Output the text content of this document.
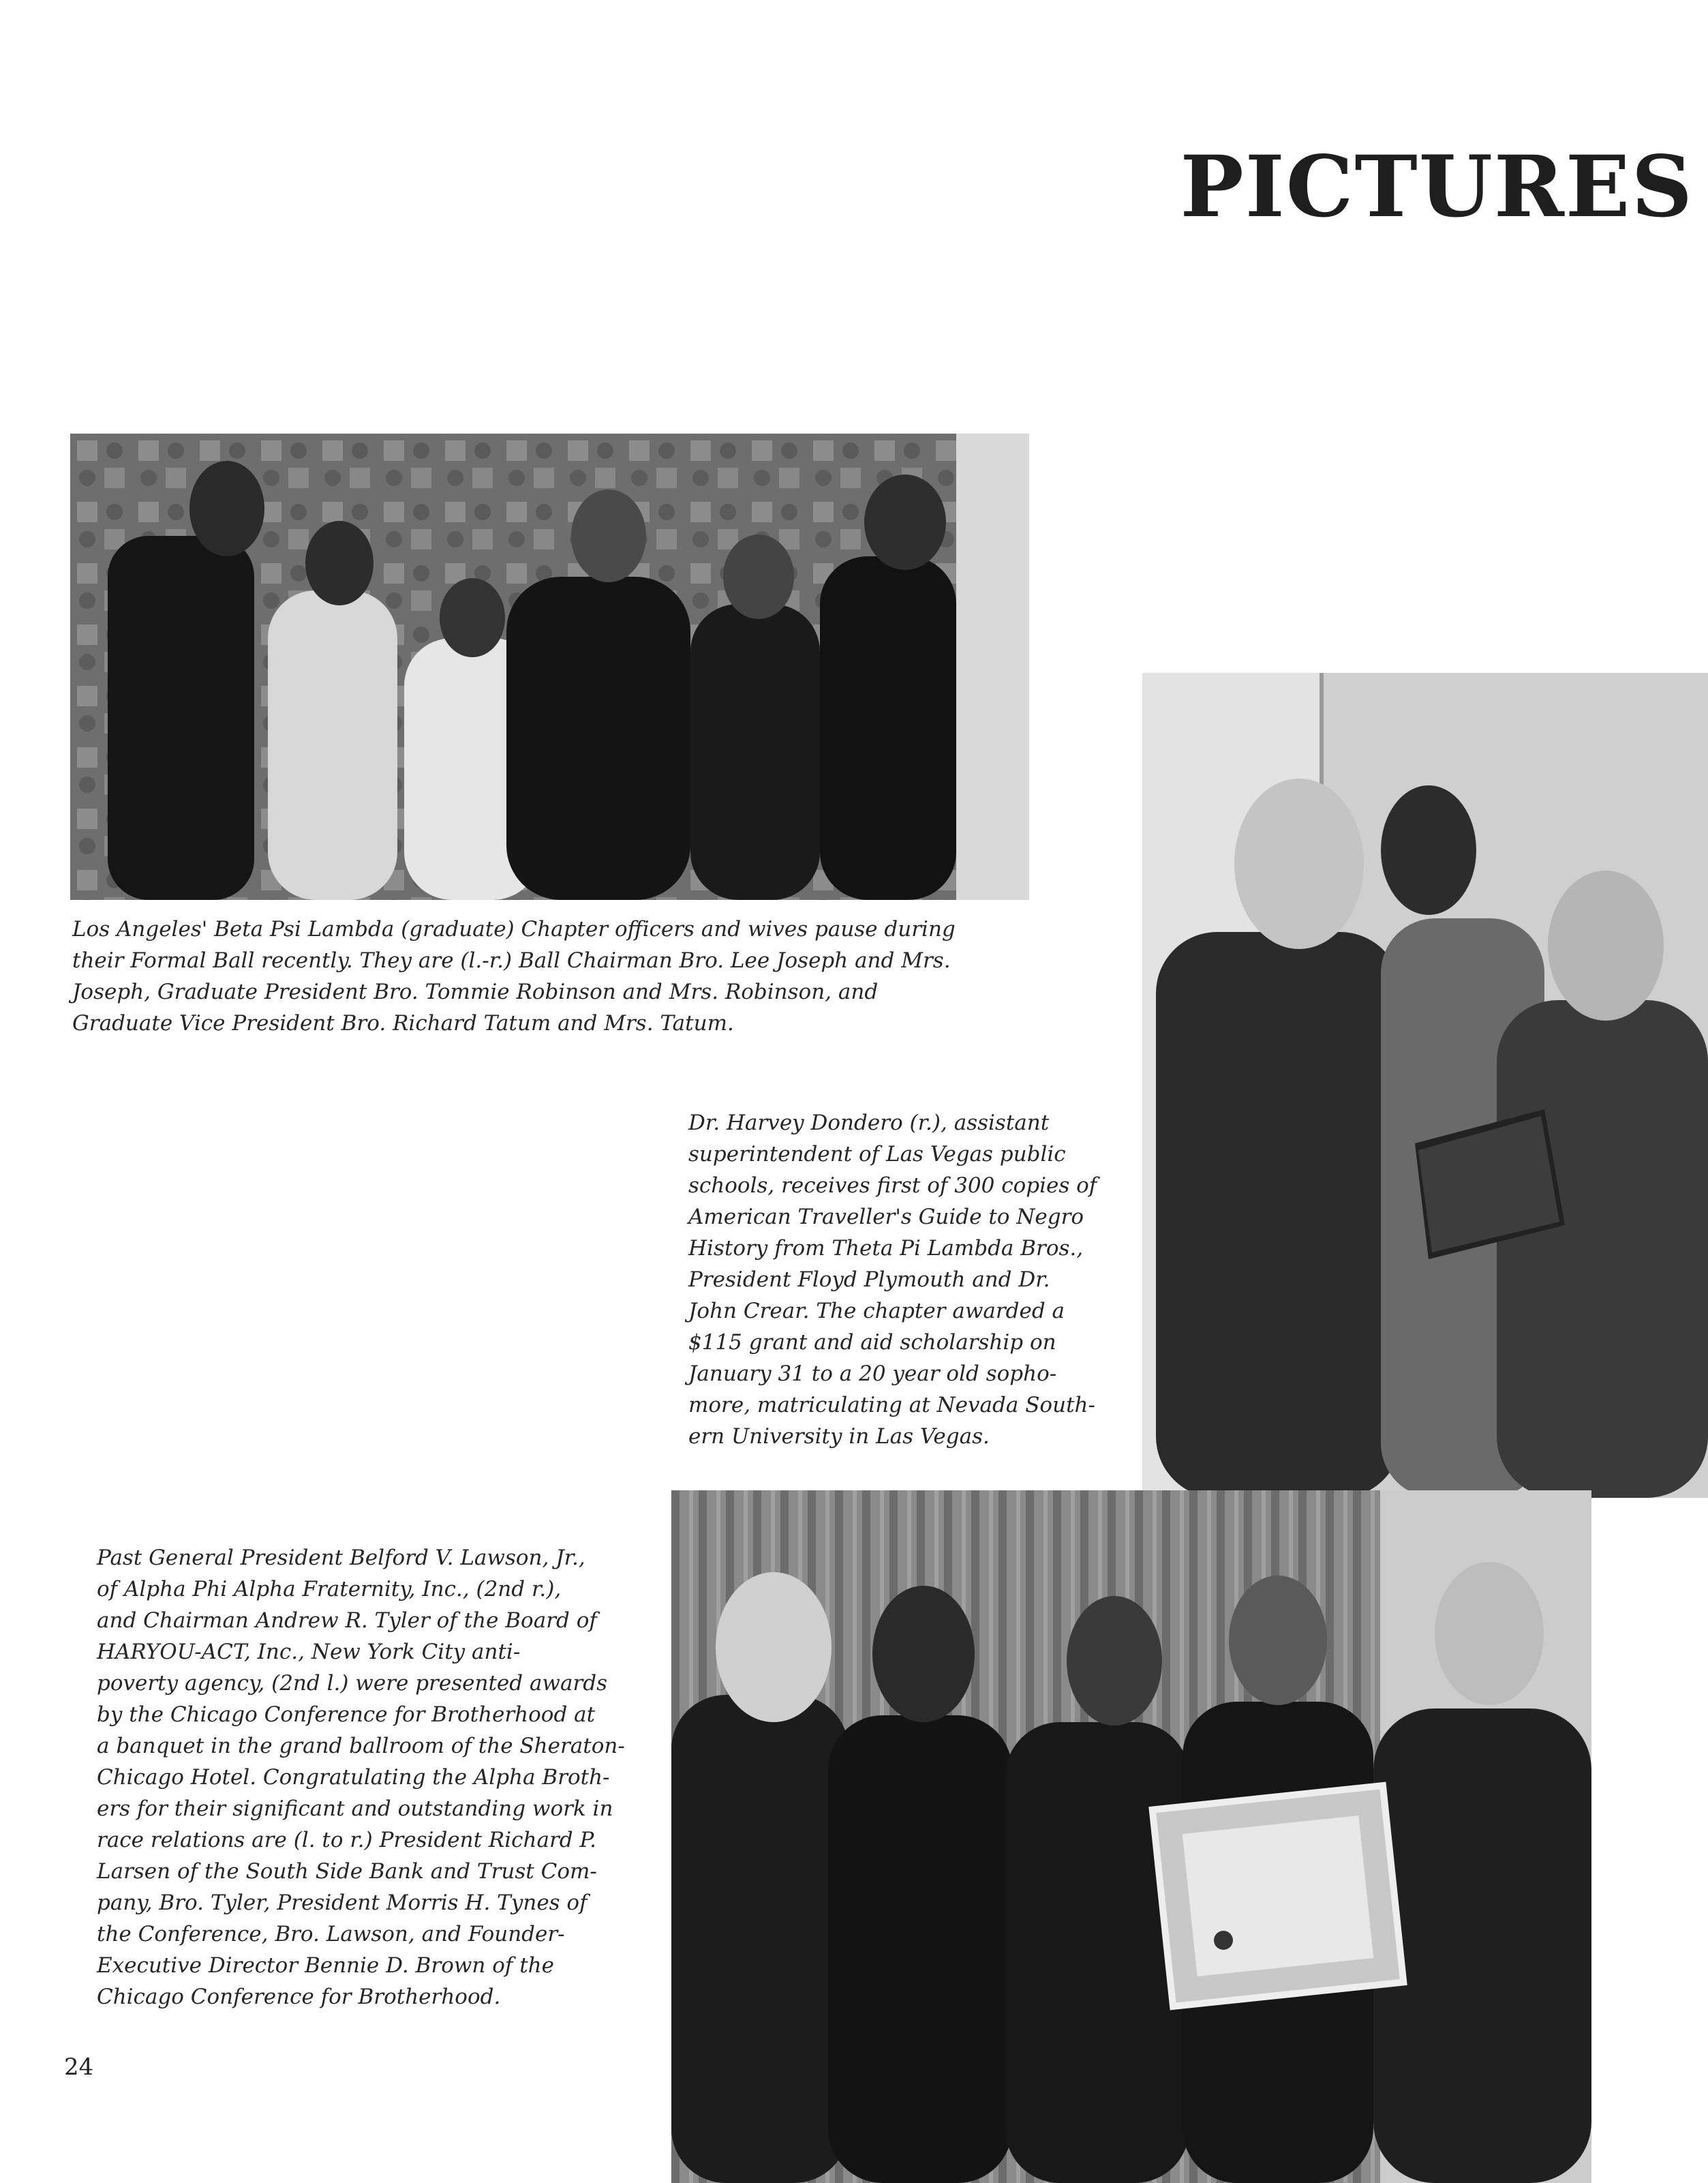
PICTURES

Los Angeles' Beta Psi Lambda (graduate) Chapter officers and wives pause during
their Formal Ball recently. They are (l.-r.) Ball Chairman Bro. Lee Joseph and Mrs.
Joseph, Graduate President Bro. Tommie Robinson and Mrs. Robinson, and
Graduate Vice President Bro. Richard Tatum and Mrs. Tatum.

Dr. Harvey Dondero (r.), assistant
superintendent of Las Vegas public
schools, receives first of 300 copies of
American Traveller's Guide to Negro
History from Theta Pi Lambda Bros.,
President Floyd Plymouth and Dr.
John Crear. The chapter awarded a
$115 grant and aid scholarship on
January 31 to a 20 year old sopho-
more, matriculating at Nevada South-
ern University in Las Vegas.

Past General President Belford V. Lawson, Jr.,
of Alpha Phi Alpha Fraternity, Inc., (2nd r.),
and Chairman Andrew R. Tyler of the Board of
HARYOU-ACT, Inc., New York City anti-
poverty agency, (2nd l.) were presented awards
by the Chicago Conference for Brotherhood at
a banquet in the grand ballroom of the Sheraton-
Chicago Hotel. Congratulating the Alpha Broth-
ers for their significant and outstanding work in
race relations are (l. to r.) President Richard P.
Larsen of the South Side Bank and Trust Com-
pany, Bro. Tyler, President Morris H. Tynes of
the Conference, Bro. Lawson, and Founder-
Executive Director Bennie D. Brown of the
Chicago Conference for Brotherhood.

24
